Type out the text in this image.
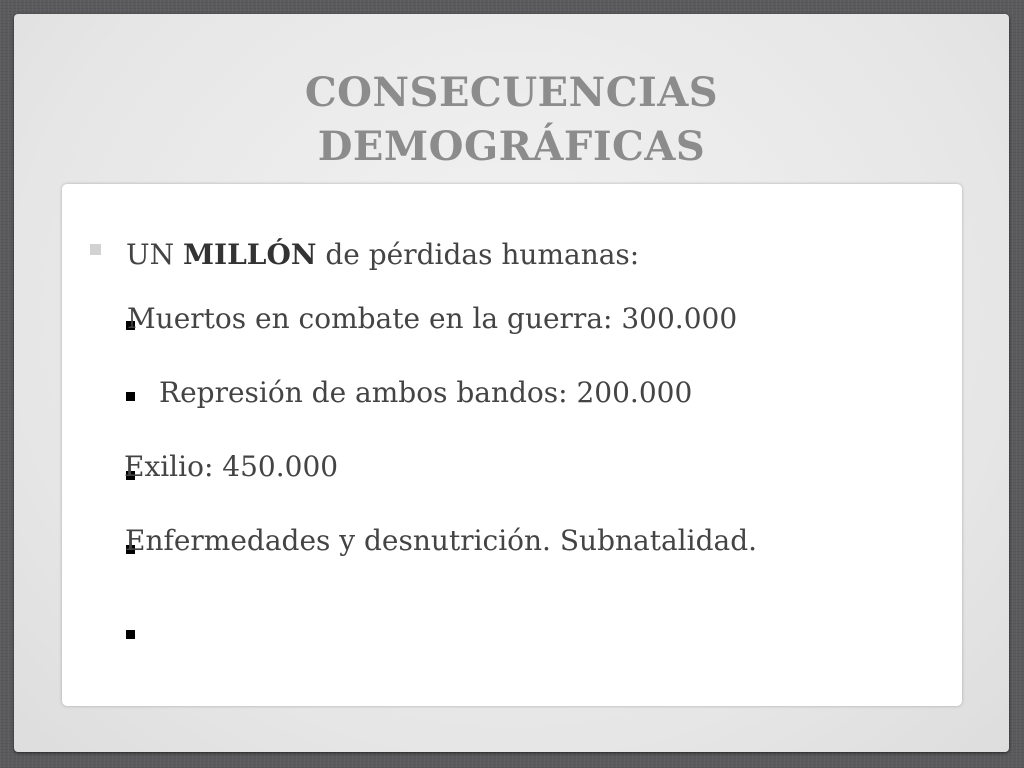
CONSECUENCIAS
DEMOGRÁFICAS
UN MILLÓN de pérdidas humanas:
Muertos en combate en la guerra: 300.000
Represión de ambos bandos: 200.000
Exilio: 450.000
Enfermedades y desnutrición. Subnatalidad.
